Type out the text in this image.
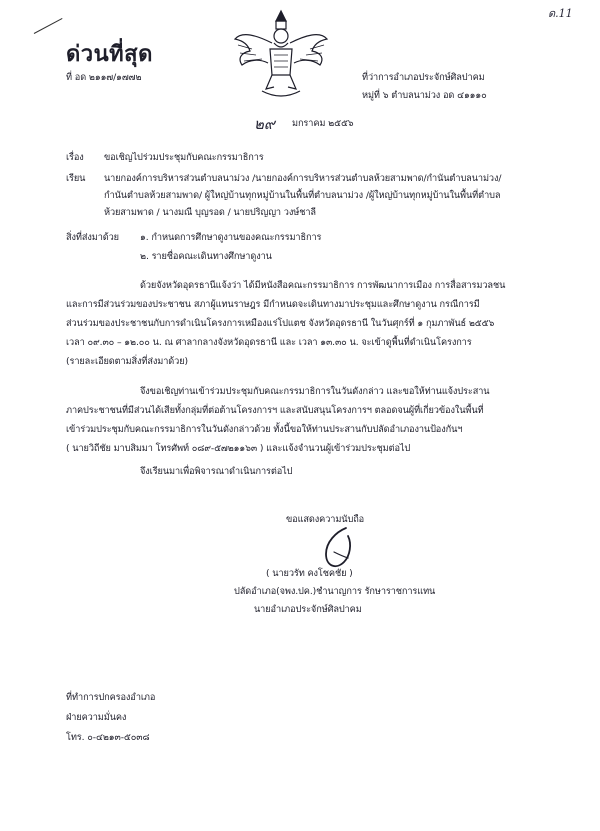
ด.11
ด่วนที่สุด
ที่ อด ๒๑๑๗/๑๗๗๒	ที่ว่าการอำเภอประจักษ์ศิลปาคม
หมู่ที่ ๖ ตำบลนาม่วง อด ๔๑๑๑๐
๒๙ มกราคม ๒๕๕๖
เรื่อง ขอเชิญไปร่วมประชุมกับคณะกรรมาธิการ
เรียน นายกองค์การบริหารส่วนตำบลนาม่วง /นายกองค์การบริหารส่วนตำบลห้วยสามพาด/กำนันตำบลนาม่วง/
กำนันตำบลห้วยสามพาด/ ผู้ใหญ่บ้านทุกหมู่บ้านในพื้นที่ตำบลนาม่วง /ผู้ใหญ่บ้านทุกหมู่บ้านในพื้นที่ตำบล
ห้วยสามพาด / นางมณี บุญรอด / นายปริญญา วงษ์ชาลี
สิ่งที่ส่งมาด้วย ๑. กำหนดการศึกษาดูงานของคณะกรรมาธิการ
๒. รายชื่อคณะเดินทางศึกษาดูงาน
ด้วยจังหวัดอุดรธานีแจ้งว่า ได้มีหนังสือคณะกรรมาธิการ การพัฒนาการเมือง การสื่อสารมวลชน
และการมีส่วนร่วมของประชาชน สภาผู้แทนราษฎร มีกำหนดจะเดินทางมาประชุมและศึกษาดูงาน กรณีการมี
ส่วนร่วมของประชาชนกับการดำเนินโครงการเหมืองแร่โปแตช จังหวัดอุดรธานี ในวันศุกร์ที่ ๑ กุมภาพันธ์ ๒๕๕๖
เวลา ๐๙.๓๐ – ๑๒.๐๐ น. ณ ศาลากลางจังหวัดอุดรธานี และ เวลา ๑๓.๓๐ น. จะเข้าดูพื้นที่ดำเนินโครงการ
(รายละเอียดตามสิ่งที่ส่งมาด้วย)
จึงขอเชิญท่านเข้าร่วมประชุมกับคณะกรรมาธิการในวันดังกล่าว และขอให้ท่านแจ้งประสาน
ภาคประชาชนที่มีส่วนได้เสียทั้งกลุ่มที่ต่อต้านโครงการฯ และสนับสนุนโครงการฯ ตลอดจนผู้ที่เกี่ยวข้องในพื้นที่
เข้าร่วมประชุมกับคณะกรรมาธิการในวันดังกล่าวด้วย ทั้งนี้ขอให้ท่านประสานกับปลัดอำเภองานป้องกันฯ
( นายวิถีชัย มาบสิมมา โทรศัพท์ ๐๘๙-๕๗๒๑๑๖๓ ) และแจ้งจำนวนผู้เข้าร่วมประชุมต่อไป
จึงเรียนมาเพื่อพิจารณาดำเนินการต่อไป
ขอแสดงความนับถือ
( นายวรัท คงโชคชัย )
ปลัดอำเภอ(จพง.ปค.)ชำนาญการ รักษาราชการแทน
นายอำเภอประจักษ์ศิลปาคม
ที่ทำการปกครองอำเภอ
ฝ่ายความมั่นคง
โทร. ๐-๔๒๑๓-๕๐๓๘
